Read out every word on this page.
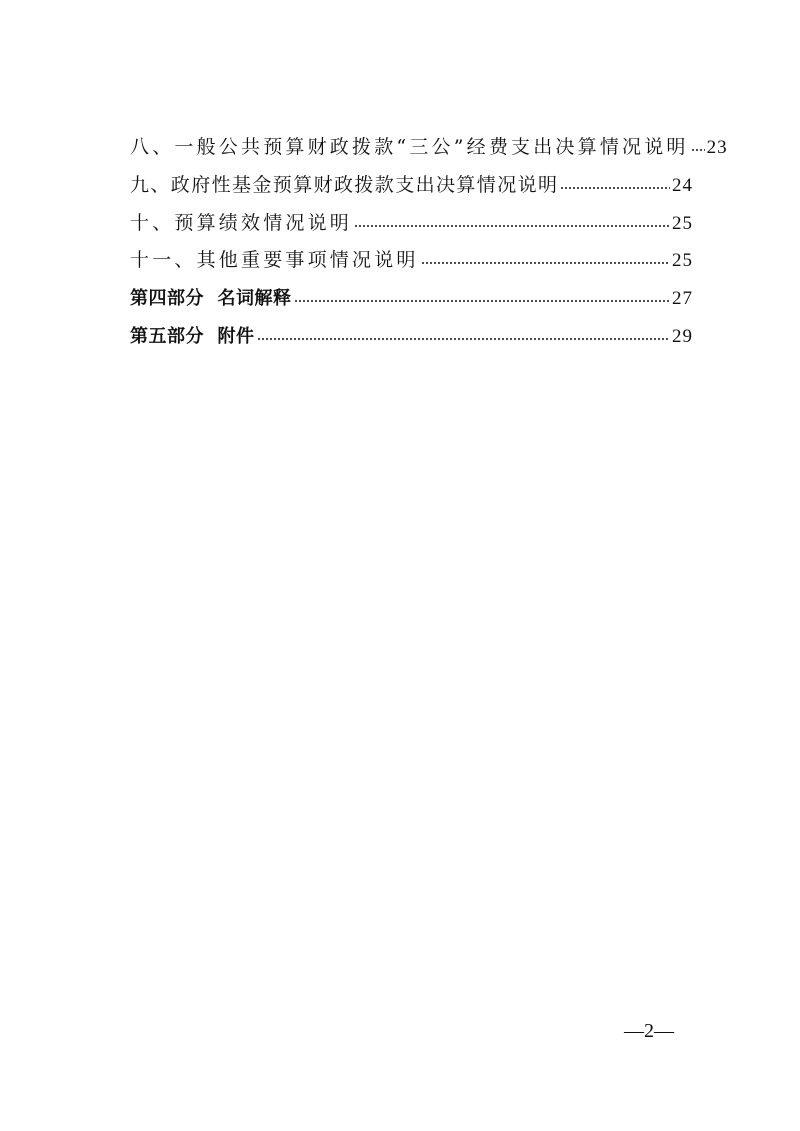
八、一般公共预算财政拨款“三公”经费支出决算情况说明 23
九、政府性基金预算财政拨款支出决算情况说明	24
十、预算绩效情况说明	25
十一、其他重要事项情况说明	25
第四部分  名词解释	27
第五部分  附件	29
—2—
